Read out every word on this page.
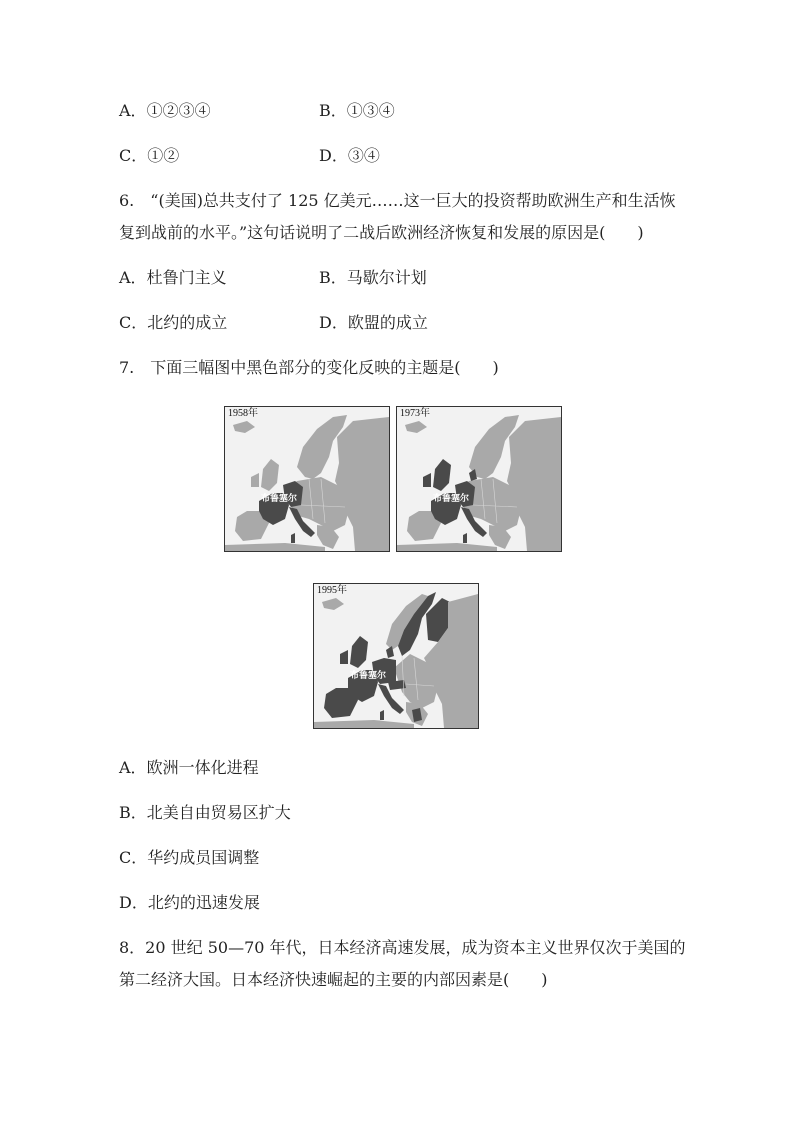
A．①②③④	B．①③④
C．①②	D．③④
6.　“(美国)总共支付了 125 亿美元……这一巨大的投资帮助欧洲生产和生活恢
复到战前的水平。”这句话说明了二战后欧洲经济恢复和发展的原因是(　　)
A．杜鲁门主义	B．马歇尔计划
C．北约的成立	D．欧盟的成立
7.　下面三幅图中黑色部分的变化反映的主题是(　　)
1958年
布鲁塞尔
1973年
布鲁塞尔
1995年
布鲁塞尔
A．欧洲一体化进程
B．北美自由贸易区扩大
C．华约成员国调整
D．北约的迅速发展
8．20 世纪 50—70 年代，日本经济高速发展，成为资本主义世界仅次于美国的
第二经济大国。日本经济快速崛起的主要的内部因素是(　　)
